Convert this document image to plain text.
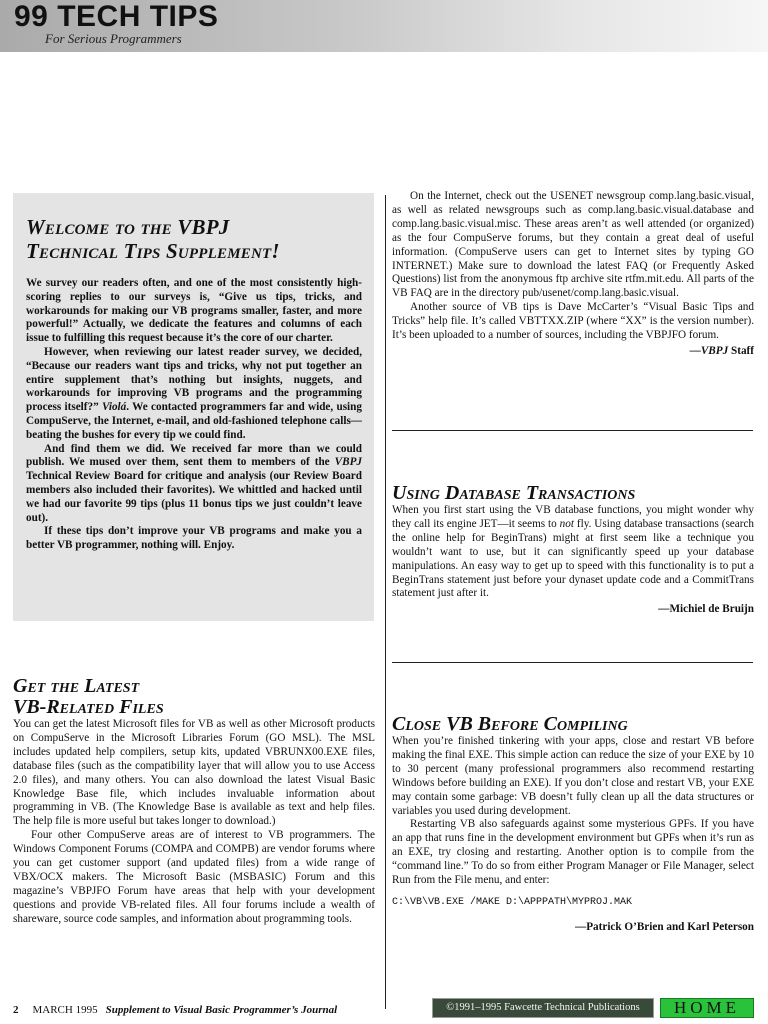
99 TECH TIPS
For Serious Programmers
Welcome to the VBPJ
Technical Tips Supplement!

We survey our readers often, and one of the most consistently high-scoring replies to our surveys is, “Give us tips, tricks, and workarounds for making our VB programs smaller, faster, and more powerful!” Actually, we dedicate the features and columns of each issue to fulfilling this request because it’s the core of our charter.

However, when reviewing our latest reader survey, we decided, “Because our readers want tips and tricks, why not put together an entire supplement that’s nothing but insights, nuggets, and workarounds for improving VB programs and the programming process itself?” Violá. We contacted programmers far and wide, using CompuServe, the Internet, e-mail, and old-fashioned telephone calls—beating the bushes for every tip we could find.

And find them we did. We received far more than we could publish. We mused over them, sent them to members of the VBPJ Technical Review Board for critique and analysis (our Review Board members also included their favorites). We whittled and hacked until we had our favorite 99 tips (plus 11 bonus tips we just couldn’t leave out).

If these tips don’t improve your VB programs and make you a better VB programmer, nothing will. Enjoy.

Get the Latest
VB-Related Files

You can get the latest Microsoft files for VB as well as other Microsoft products on CompuServe in the Microsoft Libraries Forum (GO MSL). The MSL includes updated help compilers, setup kits, updated VBRUNX00.EXE files, database files (such as the compatibility layer that will allow you to use Access 2.0 files), and many others. You can also download the latest Visual Basic Knowledge Base file, which includes invaluable information about programming in VB. (The Knowledge Base is available as text and help files. The help file is more useful but takes longer to download.)

Four other CompuServe areas are of interest to VB programmers. The Windows Component Forums (COMPA and COMPB) are vendor forums where you can get customer support (and updated files) from a wide range of VBX/OCX makers. The Microsoft Basic (MSBASIC) Forum and this magazine’s VBPJFO Forum have areas that help with your development questions and provide VB-related files. All four forums include a wealth of shareware, source code samples, and information about programming tools.

On the Internet, check out the USENET newsgroup comp.lang.basic.visual, as well as related newsgroups such as comp.lang.basic.visual.database and comp.lang.basic.visual.misc. These areas aren’t as well attended (or organized) as the four CompuServe forums, but they contain a great deal of useful information. (CompuServe users can get to Internet sites by typing GO INTERNET.) Make sure to download the latest FAQ (or Frequently Asked Questions) list from the anonymous ftp archive site rtfm.mit.edu. All parts of the VB FAQ are in the directory pub/usenet/comp.lang.basic.visual.

Another source of VB tips is Dave McCarter’s “Visual Basic Tips and Tricks” help file. It’s called VBTTXX.ZIP (where “XX” is the version number). It’s been uploaded to a number of sources, including the VBPJFO forum.

—VBPJ Staff

Using Database Transactions

When you first start using the VB database functions, you might wonder why they call its engine JET—it seems to not fly. Using database transactions (search the online help for BeginTrans) might at first seem like a technique you wouldn’t want to use, but it can significantly speed up your database manipulations. An easy way to get up to speed with this functionality is to put a BeginTrans statement just before your dynaset update code and a CommitTrans statement just after it.

—Michiel de Bruijn

Close VB Before Compiling

When you’re finished tinkering with your apps, close and restart VB before making the final EXE. This simple action can reduce the size of your EXE by 10 to 30 percent (many professional programmers also recommend restarting Windows before building an EXE). If you don’t close and restart VB, your EXE may contain some garbage: VB doesn’t fully clean up all the data structures or variables you used during development.

Restarting VB also safeguards against some mysterious GPFs. If you have an app that runs fine in the development environment but GPFs when it’s run as an EXE, try closing and restarting. Another option is to compile from the “command line.” To do so from either Program Manager or File Manager, select Run from the File menu, and enter:

C:\VB\VB.EXE /MAKE D:\APPPATH\MYPROJ.MAK

—Patrick O’Brien and Karl Peterson

2 MARCH 1995 Supplement to Visual Basic Programmer’s Journal	©1991–1995 Fawcette Technical Publications	HOME
